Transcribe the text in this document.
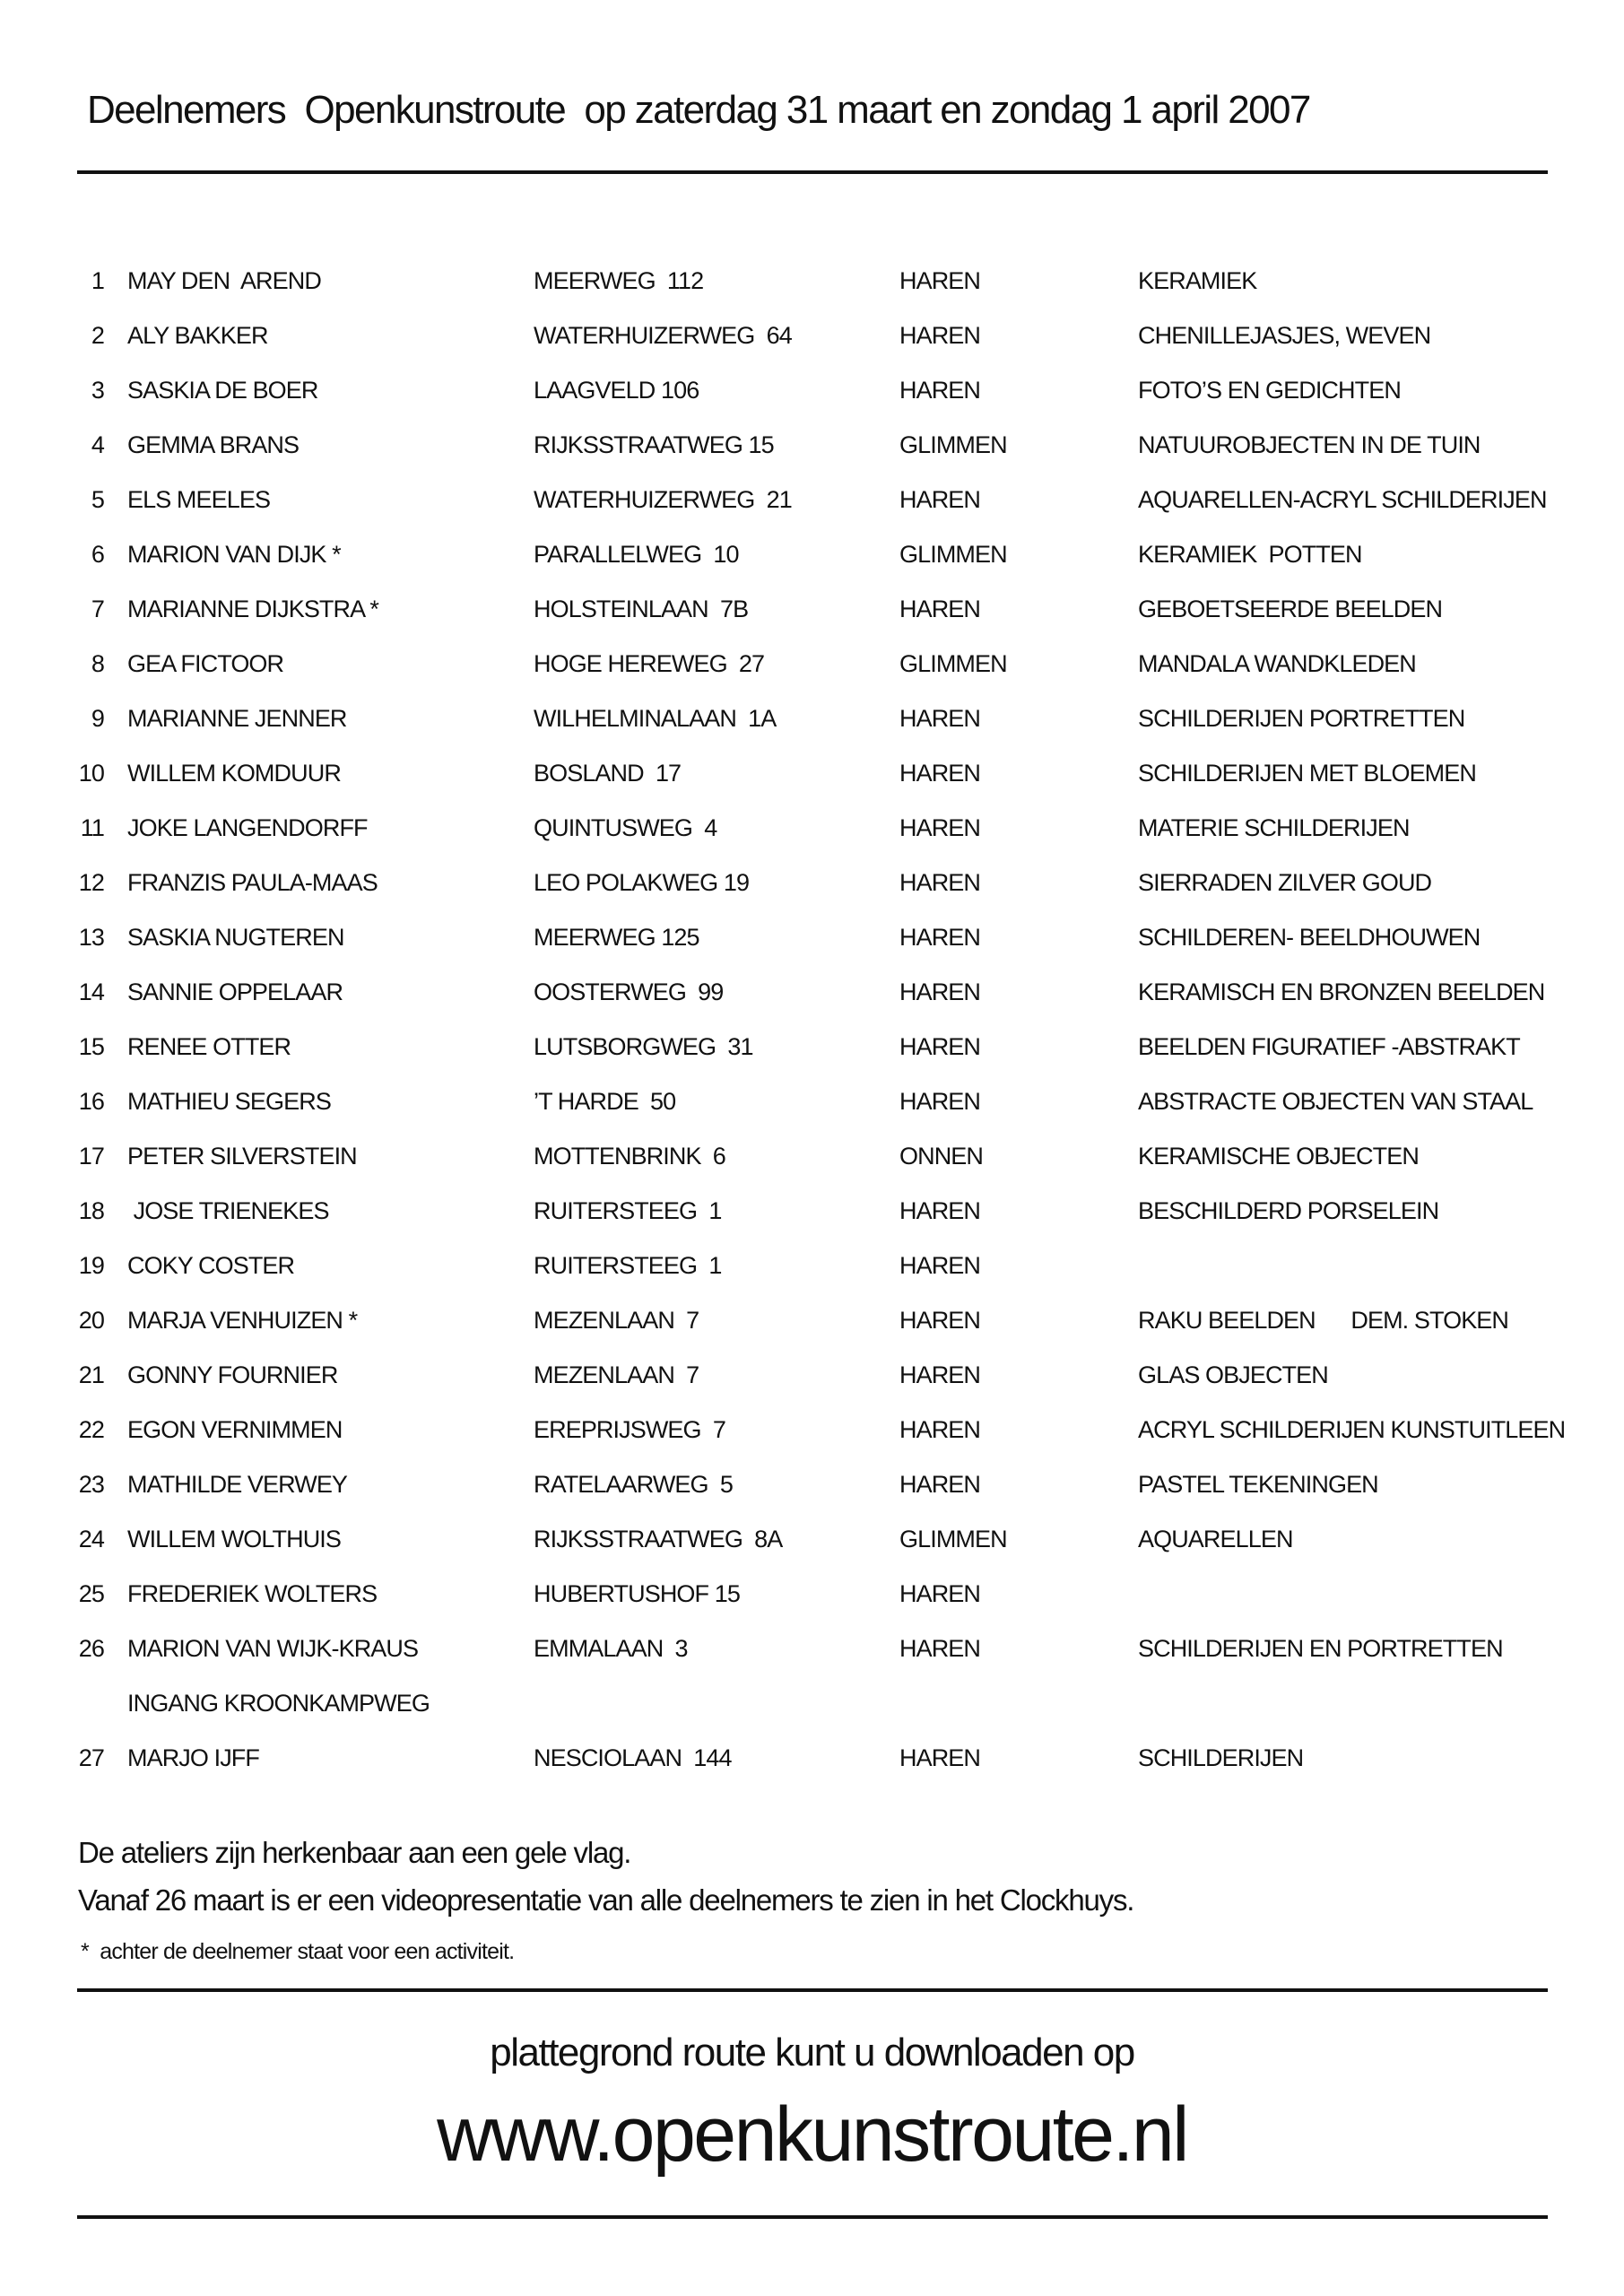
Deelnemers  Openkunstroute  op zaterdag 31 maart en zondag 1 april 2007
1 MAY DEN  AREND	MEERWEG  112	HAREN	KERAMIEK
2 ALY BAKKER	WATERHUIZERWEG  64	HAREN	CHENILLEJASJES, WEVEN
3 SASKIA DE BOER	LAAGVELD 106	HAREN	FOTO’S EN GEDICHTEN
4 GEMMA BRANS	RIJKSSTRAATWEG 15	GLIMMEN	NATUUROBJECTEN IN DE TUIN
5 ELS MEELES	WATERHUIZERWEG  21	HAREN	AQUARELLEN-ACRYL SCHILDERIJEN
6 MARION VAN DIJK *	PARALLELWEG  10	GLIMMEN	KERAMIEK  POTTEN
7 MARIANNE DIJKSTRA *	HOLSTEINLAAN  7B	HAREN	GEBOETSEERDE BEELDEN
8 GEA FICTOOR	HOGE HEREWEG  27	GLIMMEN	MANDALA WANDKLEDEN
9 MARIANNE JENNER	WILHELMINALAAN  1A	HAREN	SCHILDERIJEN PORTRETTEN
10 WILLEM KOMDUUR	BOSLAND  17	HAREN	SCHILDERIJEN MET BLOEMEN
11 JOKE LANGENDORFF	QUINTUSWEG  4	HAREN	MATERIE SCHILDERIJEN
12 FRANZIS PAULA-MAAS	LEO POLAKWEG 19	HAREN	SIERRADEN ZILVER GOUD
13 SASKIA NUGTEREN	MEERWEG 125	HAREN	SCHILDEREN- BEELDHOUWEN
14 SANNIE OPPELAAR	OOSTERWEG  99	HAREN	KERAMISCH EN BRONZEN BEELDEN
15 RENEE OTTER	LUTSBORGWEG  31	HAREN	BEELDEN FIGURATIEF -ABSTRAKT
16 MATHIEU SEGERS	’T HARDE  50	HAREN	ABSTRACTE OBJECTEN VAN STAAL
17 PETER SILVERSTEIN	MOTTENBRINK  6	ONNEN	KERAMISCHE OBJECTEN
18 JOSE TRIENEKES	RUITERSTEEG  1	HAREN	BESCHILDERD PORSELEIN
19 COKY COSTER	RUITERSTEEG  1	HAREN
20 MARJA VENHUIZEN *	MEZENLAAN  7	HAREN	RAKU BEELDEN      DEM. STOKEN
21 GONNY FOURNIER	MEZENLAAN  7	HAREN	GLAS OBJECTEN
22 EGON VERNIMMEN	EREPRIJSWEG  7	HAREN	ACRYL SCHILDERIJEN KUNSTUITLEEN
23 MATHILDE VERWEY	RATELAARWEG  5	HAREN	PASTEL TEKENINGEN
24 WILLEM WOLTHUIS	RIJKSSTRAATWEG  8A	GLIMMEN	AQUARELLEN
25 FREDERIEK WOLTERS	HUBERTUSHOF 15	HAREN
26 MARION VAN WIJK-KRAUS	EMMALAAN  3	HAREN	SCHILDERIJEN EN PORTRETTEN
INGANG KROONKAMPWEG
27 MARJO IJFF	NESCIOLAAN  144	HAREN	SCHILDERIJEN
De ateliers zijn herkenbaar aan een gele vlag.
Vanaf 26 maart is er een videopresentatie van alle deelnemers te zien in het Clockhuys.
*  achter de deelnemer staat voor een activiteit.
plattegrond route kunt u downloaden op
www.openkunstroute.nl
